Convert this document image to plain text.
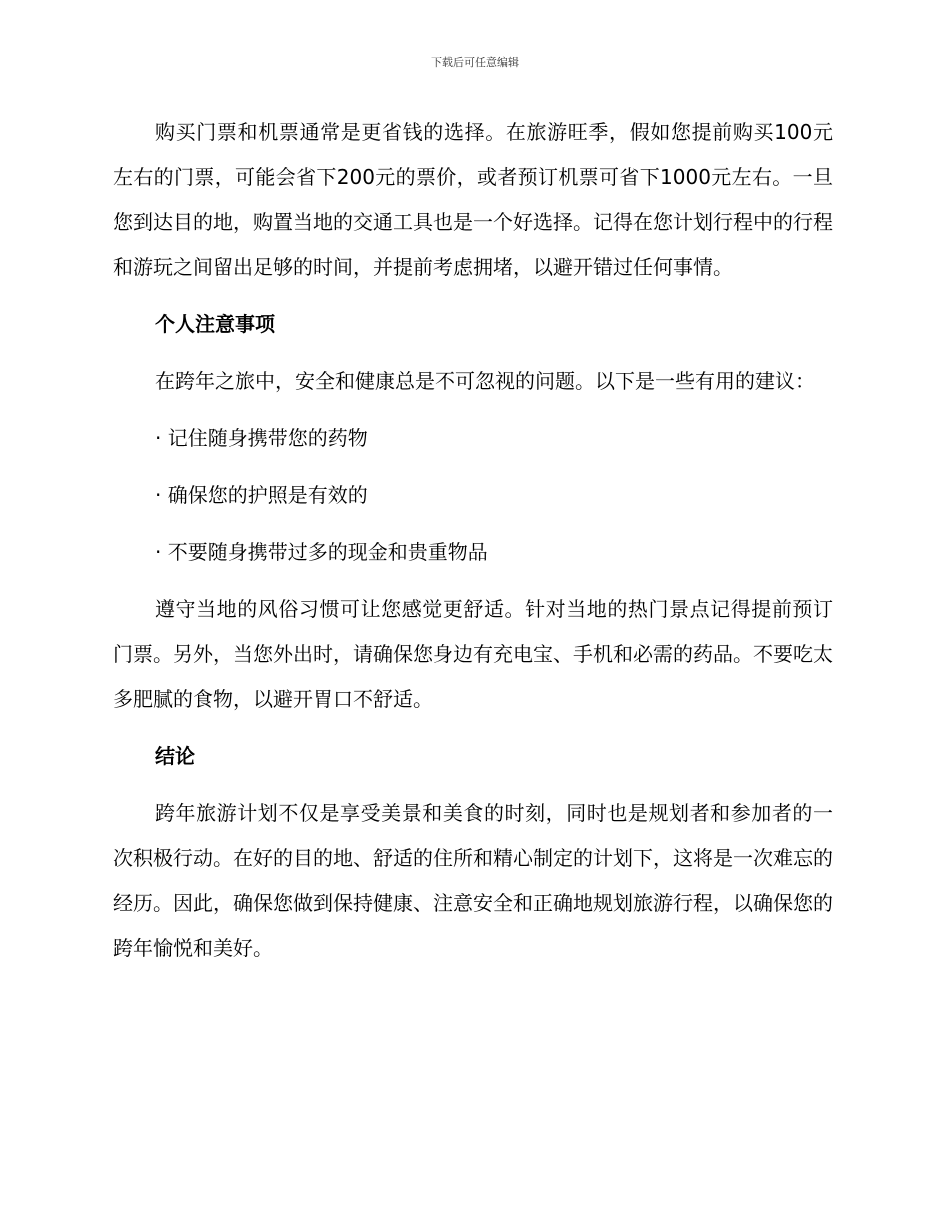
下载后可任意编辑

购买门票和机票通常是更省钱的选择。在旅游旺季，假如您提前购买100元左右的门票，可能会省下200元的票价，或者预订机票可省下1000元左右。一旦您到达目的地，购置当地的交通工具也是一个好选择。记得在您计划行程中的行程和游玩之间留出足够的时间，并提前考虑拥堵，以避开错过任何事情。

个人注意事项

在跨年之旅中，安全和健康总是不可忽视的问题。以下是一些有用的建议：

· 记住随身携带您的药物

· 确保您的护照是有效的

· 不要随身携带过多的现金和贵重物品

遵守当地的风俗习惯可让您感觉更舒适。针对当地的热门景点记得提前预订门票。另外，当您外出时，请确保您身边有充电宝、手机和必需的药品。不要吃太多肥腻的食物，以避开胃口不舒适。

结论

跨年旅游计划不仅是享受美景和美食的时刻，同时也是规划者和参加者的一次积极行动。在好的目的地、舒适的住所和精心制定的计划下，这将是一次难忘的经历。因此，确保您做到保持健康、注意安全和正确地规划旅游行程，以确保您的跨年愉悦和美好。
